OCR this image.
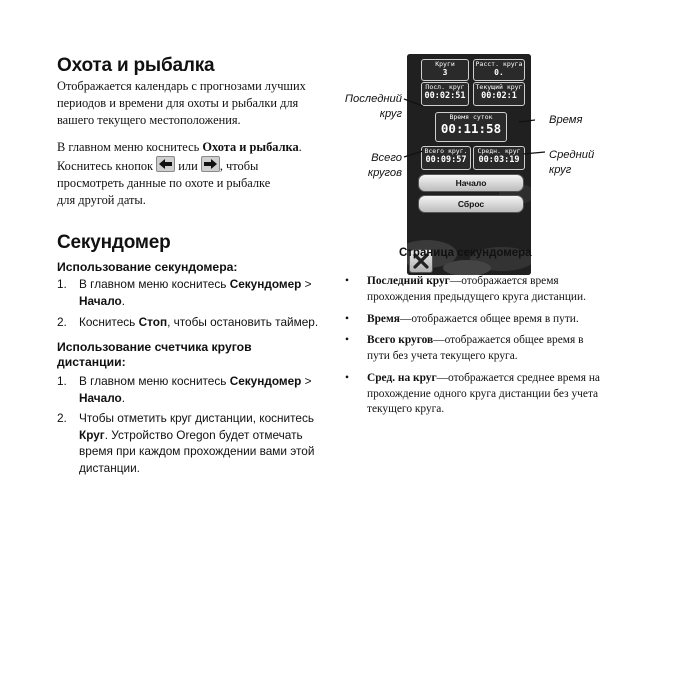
Охота и рыбалка
Отображается календарь с прогнозами лучших
периодов и времени для охоты и рыбалки для
вашего текущего местоположения.
В главном меню коснитесь Охота и рыбалка.
Коснитесь кнопок
или
, чтобы
просмотреть данные по охоте и рыбалке
для другой даты.
Секундомер
Использование секундомера:
1. В главном меню коснитесь Секундомер >
Начало.
2. Коснитесь Стоп, чтобы остановить таймер.
Использование счетчика кругов
дистанции:
1. В главном меню коснитесь Секундомер >
Начало.
2. Чтобы отметить круг дистанции, коснитесь
Круг. Устройство Oregon будет отмечать
время при каждом прохождении вами этой
дистанции.
Круги
3
Расст. круга
0.
Посл. круг
00:02:51
Текущий круг
00:02:1
Время суток
00:11:58
Всего круг.
00:09:57
Средн. круг
00:03:19
Начало
Сброс
Страница секундомера
Последний
круг	Время
Всего
кругов
Средний
круг
• Последний круг—отображается время
прохождения предыдущего круга дистанции.
• Время—отображается общее время в пути.
• Всего кругов—отображается общее время в
пути без учета текущего круга.
• Сред. на круг—отображается среднее время на
прохождение одного круга дистанции без учета
текущего круга.
